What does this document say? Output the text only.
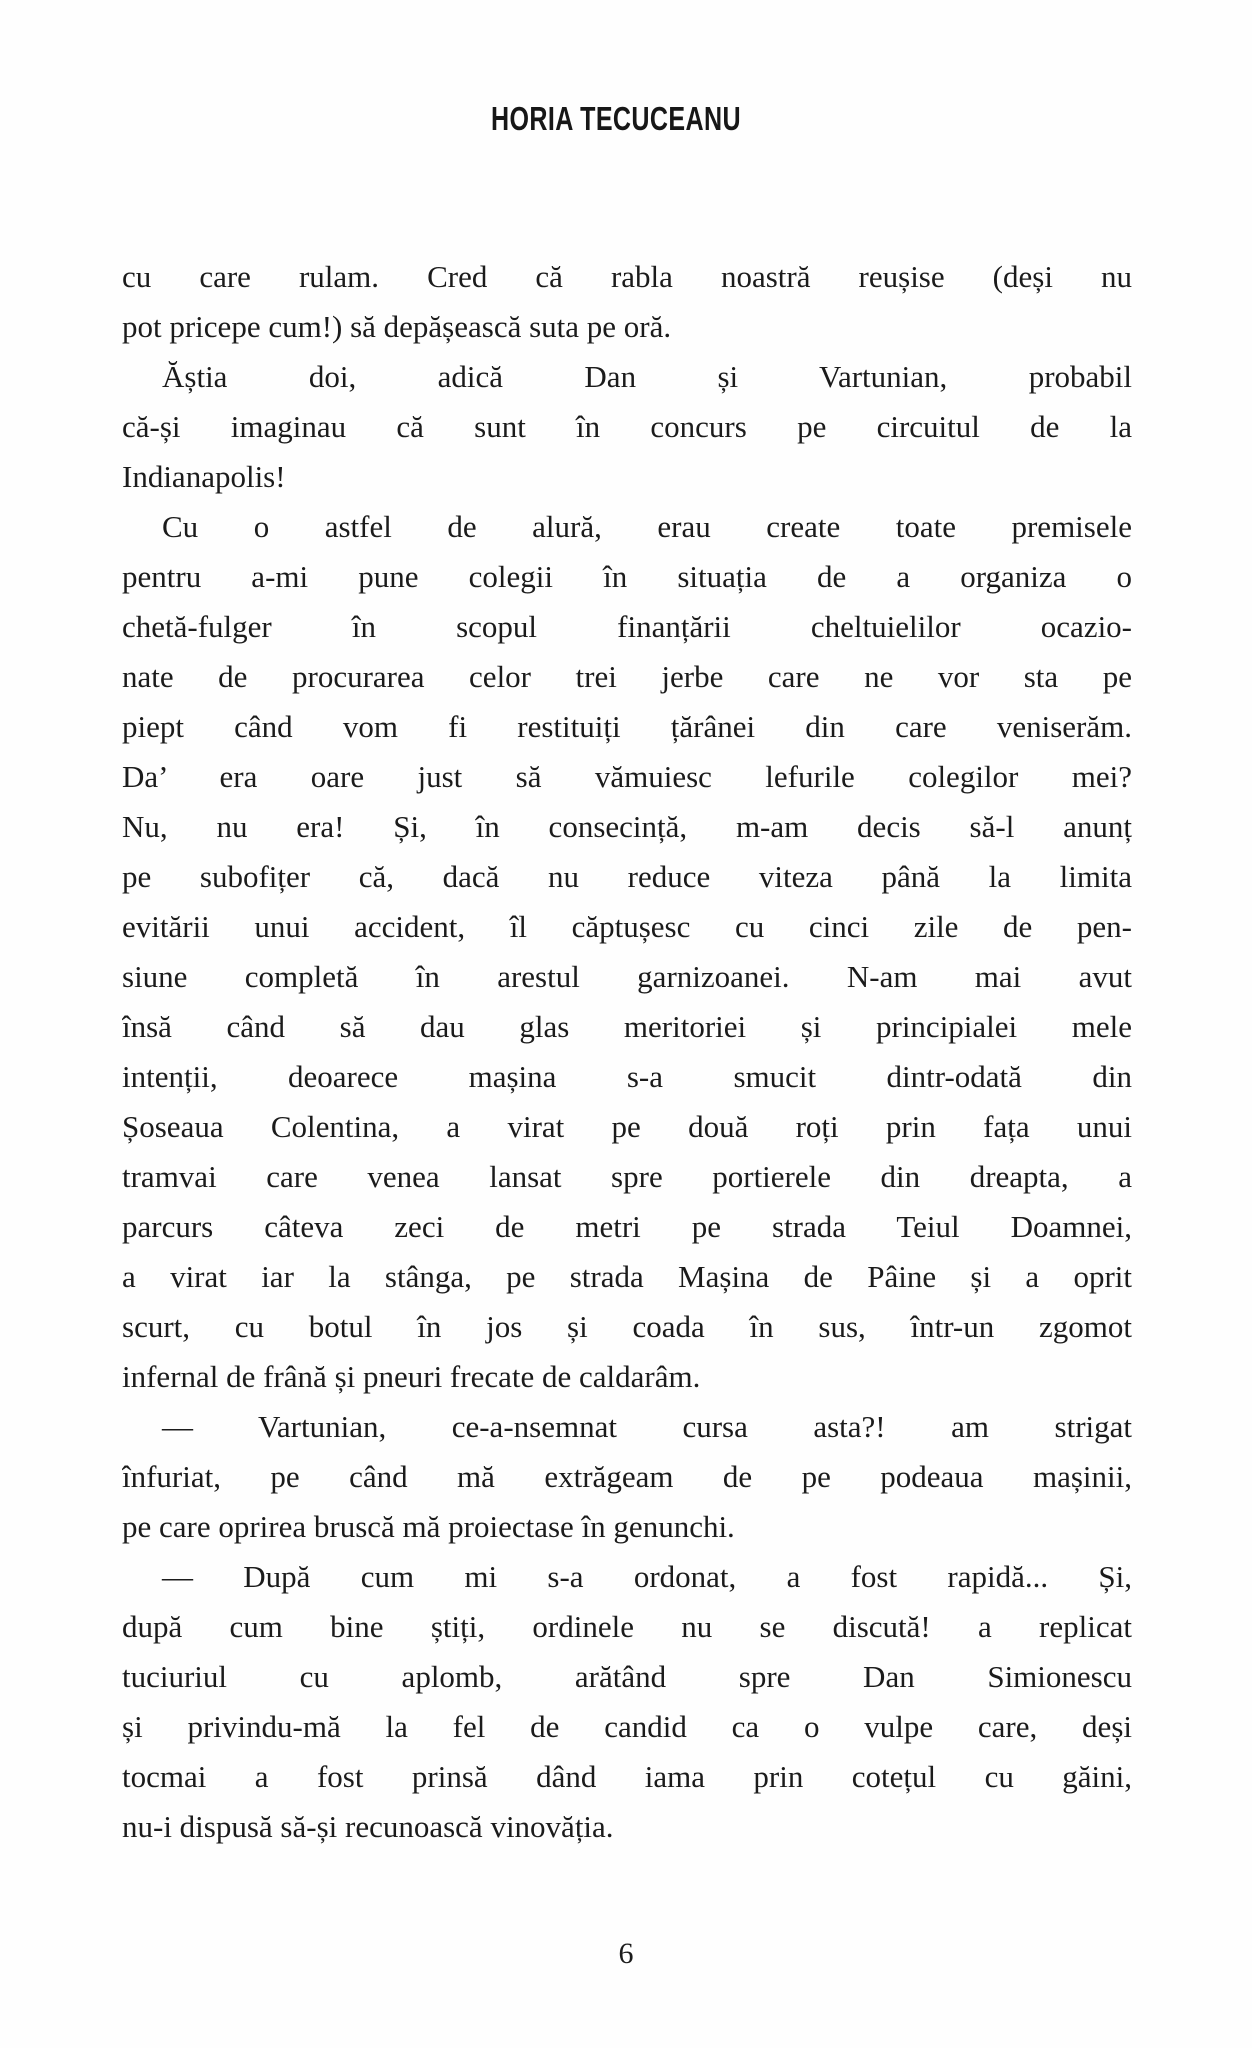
HORIA TECUCEANU
cu care rulam. Cred că rabla noastră reușise (deși nu
pot pricepe cum!) să depășească suta pe oră.
Ăștia doi, adică Dan și Vartunian, probabil
că-și imaginau că sunt în concurs pe circuitul de la
Indianapolis!
Cu o astfel de alură, erau create toate premisele
pentru a-mi pune colegii în situația de a organiza o
chetă-fulger în scopul finanțării cheltuielilor ocazio-
nate de procurarea celor trei jerbe care ne vor sta pe
piept când vom fi restituiți țărânei din care veniserăm.
Da’ era oare just să vămuiesc lefurile colegilor mei?
Nu, nu era! Și, în consecință, m-am decis să-l anunț
pe subofițer că, dacă nu reduce viteza până la limita
evitării unui accident, îl căptușesc cu cinci zile de pen-
siune completă în arestul garnizoanei. N-am mai avut
însă când să dau glas meritoriei și principialei mele
intenții, deoarece mașina s-a smucit dintr-odată din
Șoseaua Colentina, a virat pe două roți prin fața unui
tramvai care venea lansat spre portierele din dreapta, a
parcurs câteva zeci de metri pe strada Teiul Doamnei,
a virat iar la stânga, pe strada Mașina de Pâine și a oprit
scurt, cu botul în jos și coada în sus, într-un zgomot
infernal de frână și pneuri frecate de caldarâm.
— Vartunian, ce-a-nsemnat cursa asta?! am strigat
înfuriat, pe când mă extrăgeam de pe podeaua mașinii,
pe care oprirea bruscă mă proiectase în genunchi.
— După cum mi s-a ordonat, a fost rapidă... Și,
după cum bine știți, ordinele nu se discută! a replicat
tuciuriul cu aplomb, arătând spre Dan Simionescu
și privindu-mă la fel de candid ca o vulpe care, deși
tocmai a fost prinsă dând iama prin cotețul cu găini,
nu-i dispusă să-și recunoască vinovăția.
6
